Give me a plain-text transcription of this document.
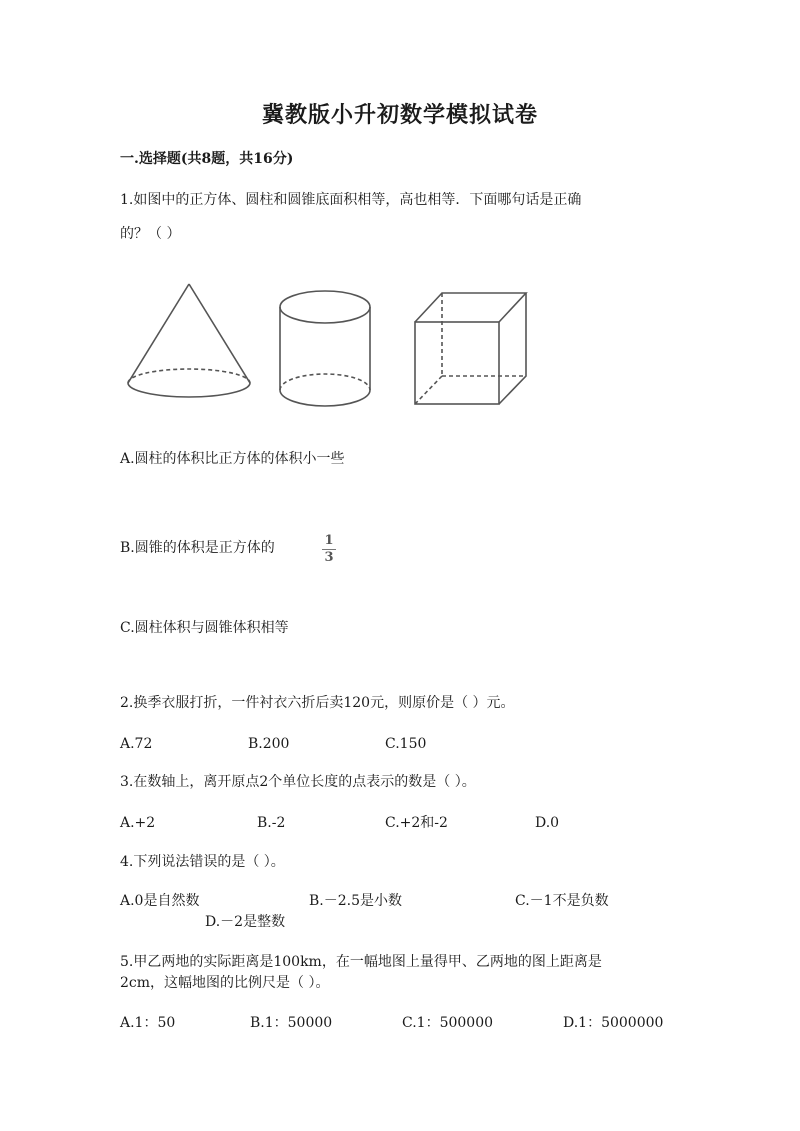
冀教版小升初数学模拟试卷
一.选择题(共8题，共16分)
1.如图中的正方体、圆柱和圆锥底面积相等，高也相等．下面哪句话是正确
的？（ ）
A.圆柱的体积比正方体的体积小一些
B.圆锥的体积是正方体的	1
3
C.圆柱体积与圆锥体积相等
2.换季衣服打折，一件衬衣六折后卖120元，则原价是（ ）元。
A.72	B.200	C.150
3.在数轴上，离开原点2个单位长度的点表示的数是（ ）。
A.+2	B.-2	C.+2和-2	D.0
4.下列说法错误的是（ ）。
A.0是自然数	B.－2.5是小数	C.－1不是负数
D.－2是整数
5.甲乙两地的实际距离是100km，在一幅地图上量得甲、乙两地的图上距离是
2cm，这幅地图的比例尺是（ ）。
A.1：50	B.1：50000	C.1：500000	D.1：5000000
